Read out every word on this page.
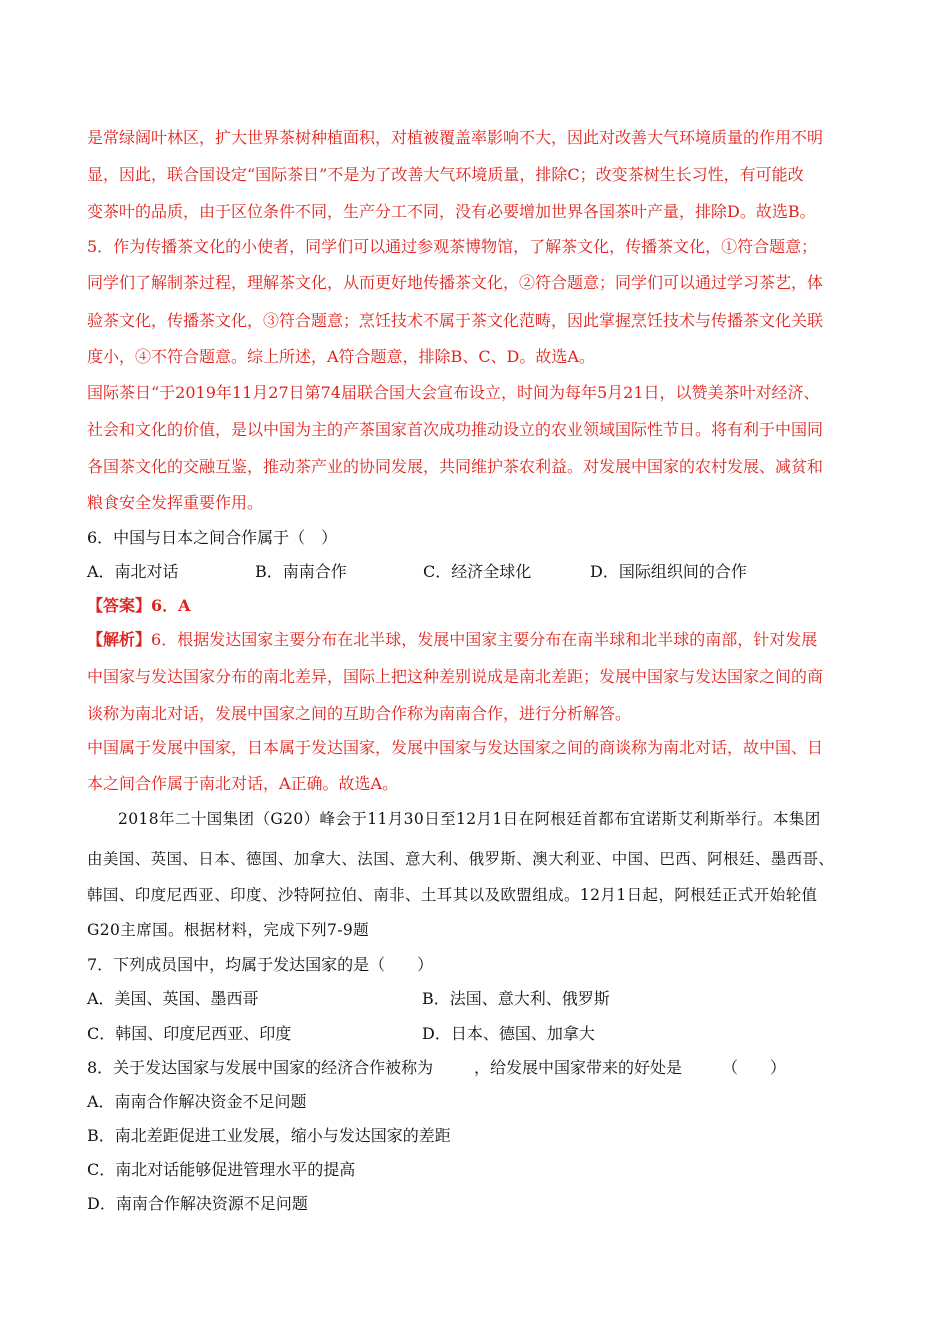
是常绿阔叶林区，扩大世界茶树种植面积，对植被覆盖率影响不大，因此对改善大气环境质量的作用不明
显，因此，联合国设定“国际茶日”不是为了改善大气环境质量，排除C；改变茶树生长习性，有可能改
变茶叶的品质，由于区位条件不同，生产分工不同，没有必要增加世界各国茶叶产量，排除D。故选B。
5．作为传播茶文化的小使者，同学们可以通过参观茶博物馆，了解茶文化，传播茶文化，①符合题意；
同学们了解制茶过程，理解茶文化，从而更好地传播茶文化，②符合题意；同学们可以通过学习茶艺，体
验茶文化，传播茶文化，③符合题意；烹饪技术不属于茶文化范畴，因此掌握烹饪技术与传播茶文化关联
度小，④不符合题意。综上所述，A符合题意，排除B、C、D。故选A。
国际茶日“于2019年11月27日第74届联合国大会宣布设立，时间为每年5月21日，以赞美茶叶对经济、
社会和文化的价值，是以中国为主的产茶国家首次成功推动设立的农业领域国际性节日。将有利于中国同
各国茶文化的交融互鉴，推动茶产业的协同发展，共同维护茶农利益。对发展中国家的农村发展、减贫和
粮食安全发挥重要作用。
6．中国与日本之间合作属于（　）
A．南北对话	B．南南合作	C．经济全球化	D．国际组织间的合作
【答案】6．A
【解析】6．根据发达国家主要分布在北半球，发展中国家主要分布在南半球和北半球的南部，针对发展
中国家与发达国家分布的南北差异，国际上把这种差别说成是南北差距；发展中国家与发达国家之间的商
谈称为南北对话，发展中国家之间的互助合作称为南南合作，进行分析解答。
中国属于发展中国家，日本属于发达国家，发展中国家与发达国家之间的商谈称为南北对话，故中国、日
本之间合作属于南北对话，A正确。故选A。
2018年二十国集团（G20）峰会于11月30日至12月1日在阿根廷首都布宜诺斯艾利斯举行。本集团
由美国、英国、日本、德国、加拿大、法国、意大利、俄罗斯、澳大利亚、中国、巴西、阿根廷、墨西哥、
韩国、印度尼西亚、印度、沙特阿拉伯、南非、土耳其以及欧盟组成。12月1日起，阿根廷正式开始轮值
G20主席国。根据材料，完成下列7-9题
7．下列成员国中，均属于发达国家的是（　　）
A．美国、英国、墨西哥	B．法国、意大利、俄罗斯
C．韩国、印度尼西亚、印度	D．日本、德国、加拿大
8．关于发达国家与发展中国家的经济合作被称为	，给发展中国家带来的好处是 （　　）
A．南南合作解决资金不足问题
B．南北差距促进工业发展，缩小与发达国家的差距
C．南北对话能够促进管理水平的提高
D．南南合作解决资源不足问题
